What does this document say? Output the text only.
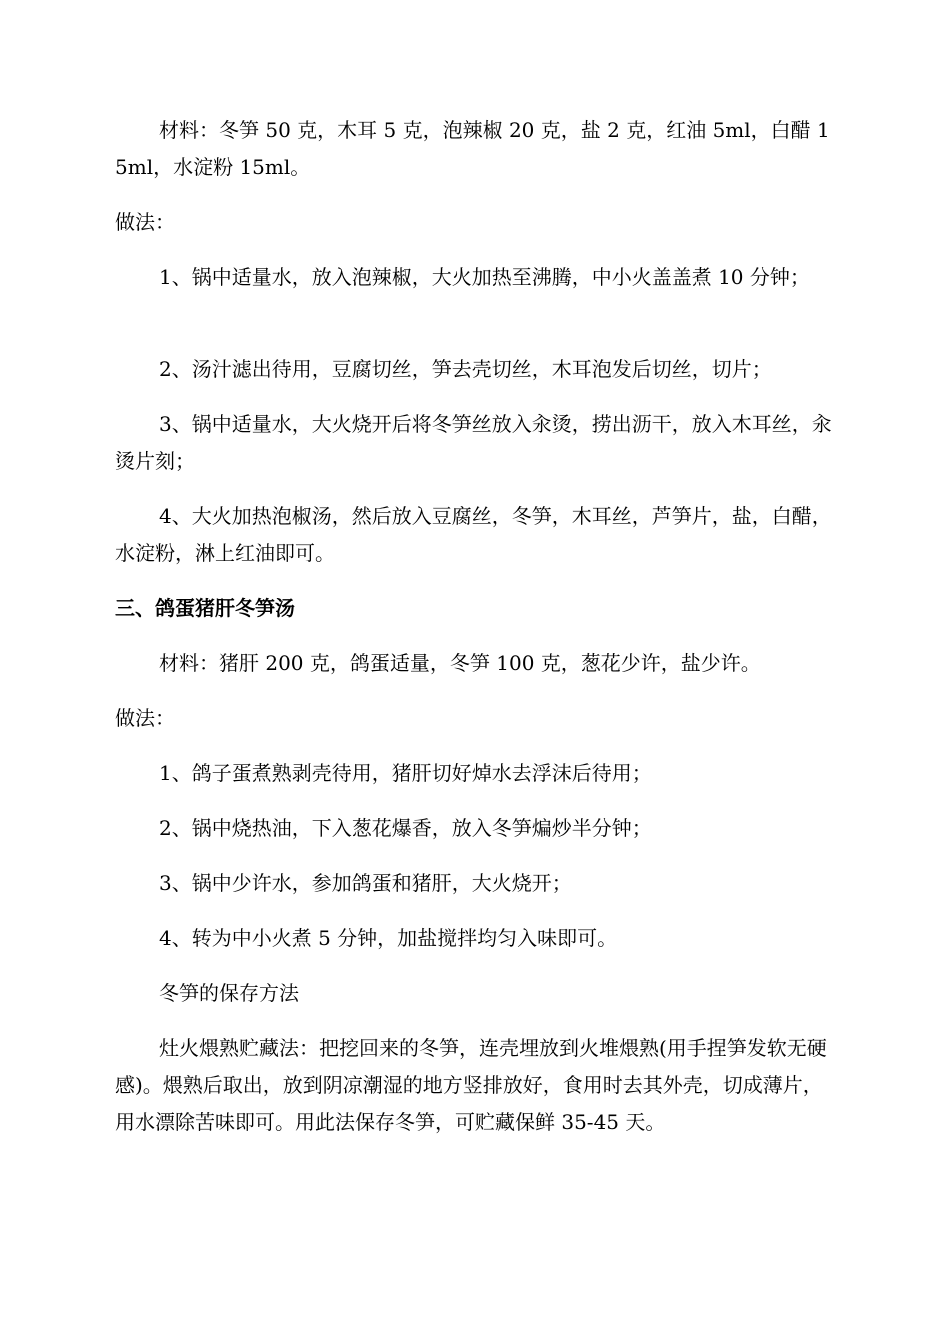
材料：冬笋 50 克，木耳 5 克，泡辣椒 20 克，盐 2 克，红油 5ml，白醋 15ml，水淀粉 15ml。

做法：

1、锅中适量水，放入泡辣椒，大火加热至沸腾，中小火盖盖煮 10 分钟；

2、汤汁滤出待用，豆腐切丝，笋去壳切丝，木耳泡发后切丝，切片；

3、锅中适量水，大火烧开后将冬笋丝放入汆烫，捞出沥干，放入木耳丝，汆烫片刻；

4、大火加热泡椒汤，然后放入豆腐丝，冬笋，木耳丝，芦笋片，盐，白醋，水淀粉，淋上红油即可。

三、鸽蛋猪肝冬笋汤

材料：猪肝 200 克，鸽蛋适量，冬笋 100 克，葱花少许，盐少许。

做法：

1、鸽子蛋煮熟剥壳待用，猪肝切好焯水去浮沫后待用；

2、锅中烧热油，下入葱花爆香，放入冬笋煸炒半分钟；

3、锅中少许水，参加鸽蛋和猪肝，大火烧开；

4、转为中小火煮 5 分钟，加盐搅拌均匀入味即可。

冬笋的保存方法

灶火煨熟贮藏法：把挖回来的冬笋，连壳埋放到火堆煨熟(用手捏笋发软无硬感)。煨熟后取出，放到阴凉潮湿的地方竖排放好，食用时去其外壳，切成薄片，用水漂除苦味即可。用此法保存冬笋，可贮藏保鲜 35-45 天。
